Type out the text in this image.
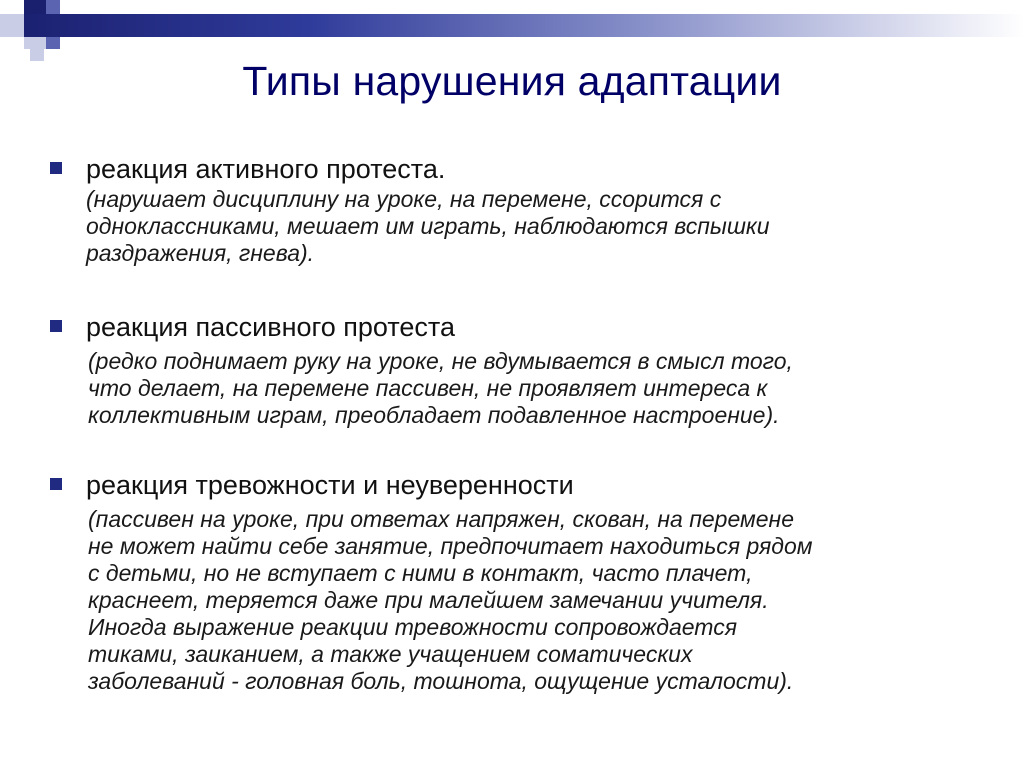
Типы нарушения адаптации
реакция активного протеста.
(нарушает дисциплину на уроке, на перемене, ссорится с
одноклассниками, мешает им играть, наблюдаются вспышки
раздражения, гнева).
реакция пассивного протеста
(редко поднимает руку на уроке, не вдумывается в смысл того,
что делает, на перемене пассивен, не проявляет интереса к
коллективным играм, преобладает подавленное настроение).
реакция тревожности и неуверенности
(пассивен на уроке, при ответах напряжен, скован, на перемене
не может найти себе занятие, предпочитает находиться рядом
с детьми, но не вступает с ними в контакт, часто плачет,
краснеет, теряется даже при малейшем замечании учителя.
Иногда выражение реакции тревожности сопровождается
тиками, заиканием, а также учащением соматических
заболеваний - головная боль, тошнота, ощущение усталости).
